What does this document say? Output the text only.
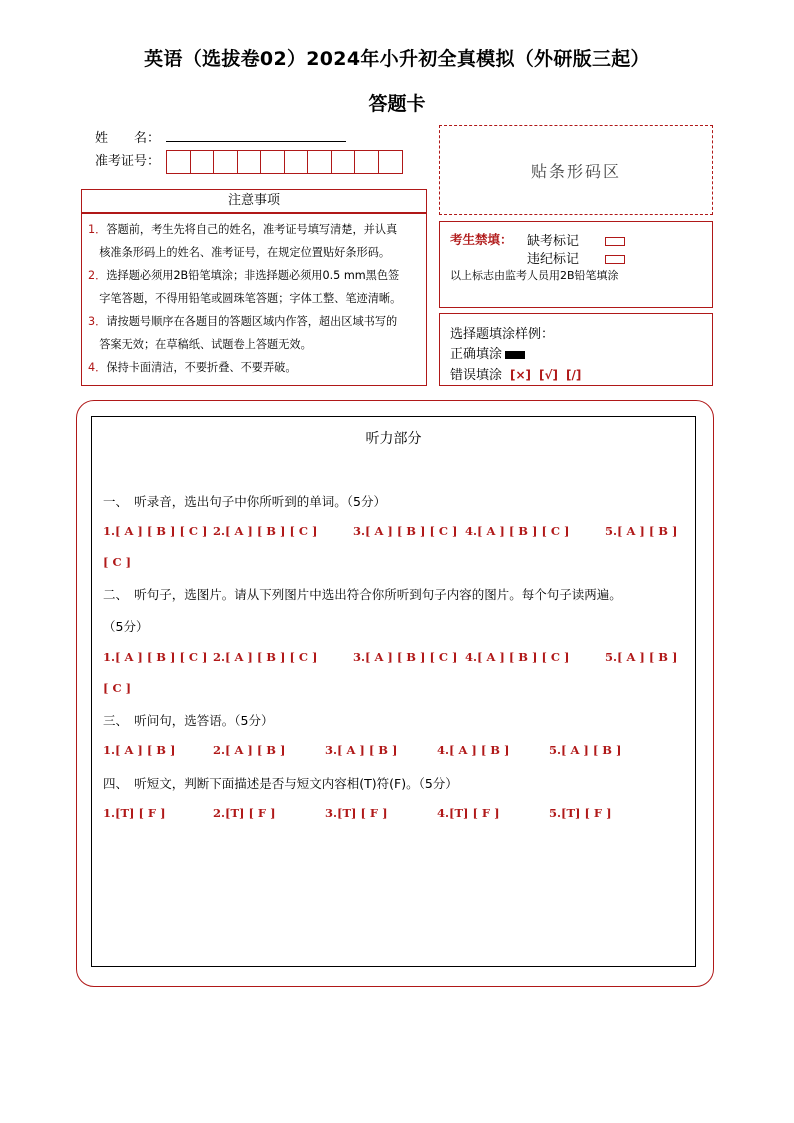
英语（选拔卷02）2024年小升初全真模拟（外研版三起）
答题卡
姓　　名：
准考证号：	贴条形码区
注意事项
1．答题前，考生先将自己的姓名，准考证号填写清楚，并认真
　核准条形码上的姓名、准考证号，在规定位置贴好条形码。
2．选择题必须用2B铅笔填涂；非选择题必须用0.5 mm黑色签
　字笔答题，不得用铅笔或圆珠笔答题；字体工整、笔迹清晰。
3．请按题号顺序在各题目的答题区域内作答，超出区域书写的
　答案无效；在草稿纸、试题卷上答题无效。
4．保持卡面清洁，不要折叠、不要弄破。
考生禁填： 缺考标记　　
违纪标记　　
以上标志由监考人员用2B铅笔填涂
选择题填涂样例：
正确填涂
错误填涂 [×] [√] [/]
听力部分
一、　听录音，选出句子中你所听到的单词。（5分）
1.[ A ] [ B ] [ C ] 2.[ A ] [ B ] [ C ]	3.[ A ] [ B ] [ C ] 4.[ A ] [ B ] [ C ]	5.[ A ] [ B ]
[ C ]
二、　听句子，选图片。请从下列图片中选出符合你所听到句子内容的图片。每个句子读两遍。
（5分）
1.[ A ] [ B ] [ C ] 2.[ A ] [ B ] [ C ]	3.[ A ] [ B ] [ C ] 4.[ A ] [ B ] [ C ]	5.[ A ] [ B ]
[ C ]
三、　听问句，选答语。（5分）
1.[ A ] [ B ]	2.[ A ] [ B ]	3.[ A ] [ B ]	4.[ A ] [ B ]	5.[ A ] [ B ]
四、　听短文，判断下面描述是否与短文内容相(T)符(F)。（5分）
1.[T] [ F ]	2.[T] [ F ]	3.[T] [ F ]	4.[T] [ F ]	5.[T] [ F ]
